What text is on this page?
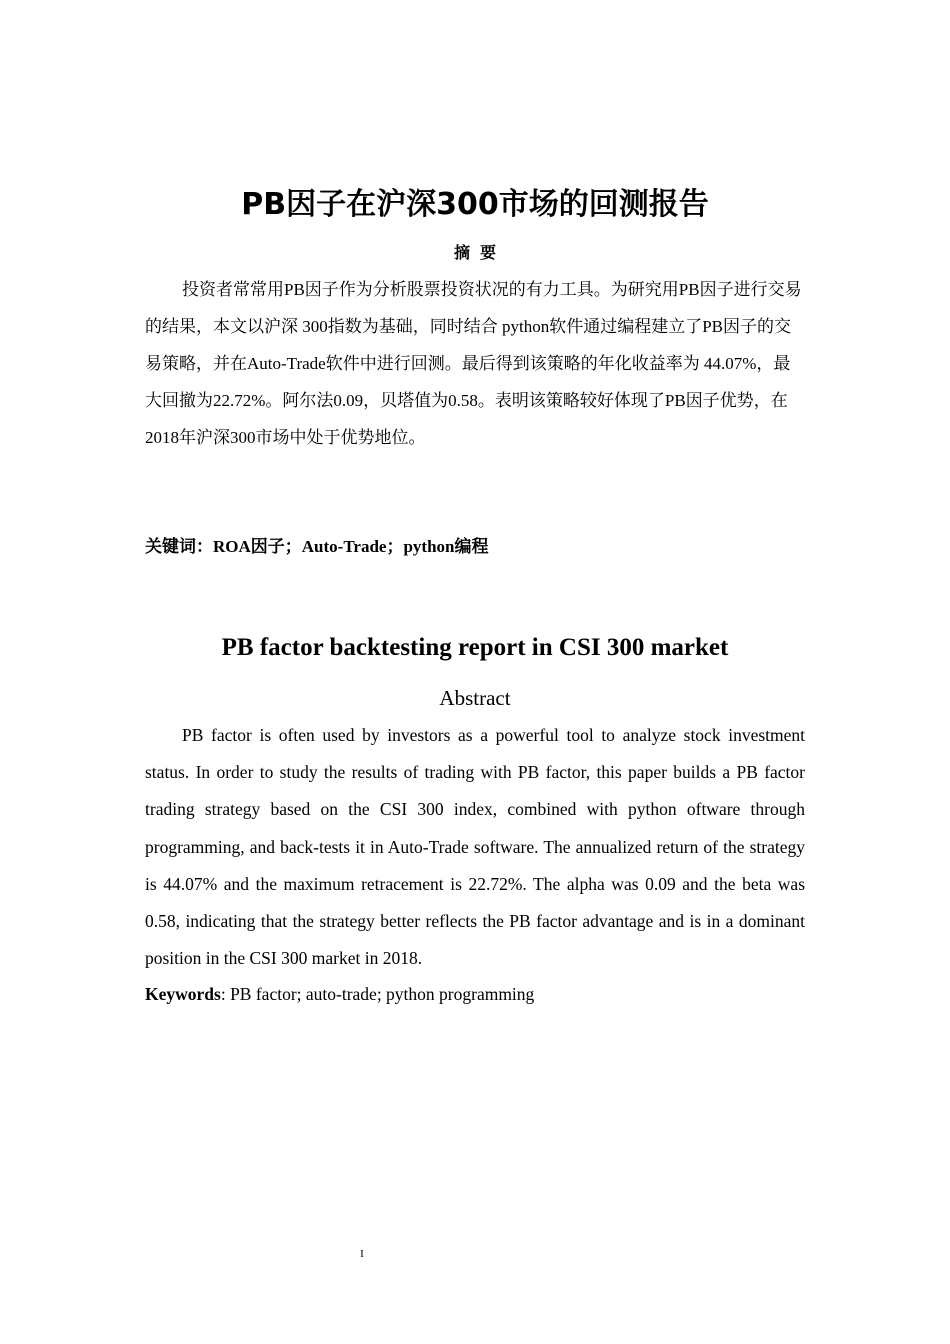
PB因子在沪深300市场的回测报告
摘要

投资者常常用PB因子作为分析股票投资状况的有力工具。为研究用PB因子进行交易的结果，本文以沪深 300指数为基础，同时结合 python软件通过编程建立了PB因子的交易策略，并在Auto-Trade软件中进行回测。最后得到该策略的年化收益率为 44.07%，最大回撤为22.72%。阿尔法0.09，贝塔值为0.58。表明该策略较好体现了PB因子优势，在2018年沪深300市场中处于优势地位。

关键词：ROA因子；Auto-Trade；python编程

PB factor backtesting report in CSI 300 market
Abstract

PB factor is often used by investors as a powerful tool to analyze stock investment status. In order to study the results of trading with PB factor, this paper builds a PB factor trading strategy based on the CSI 300 index, combined with python oftware through programming, and back-tests it in Auto-Trade software. The annualized return of the strategy is 44.07% and the maximum retracement is 22.72%. The alpha was 0.09 and the beta was 0.58, indicating that the strategy better reflects the PB factor advantage and is in a dominant position in the CSI 300 market in 2018.

Keywords: PB factor; auto-trade; python programming

I
